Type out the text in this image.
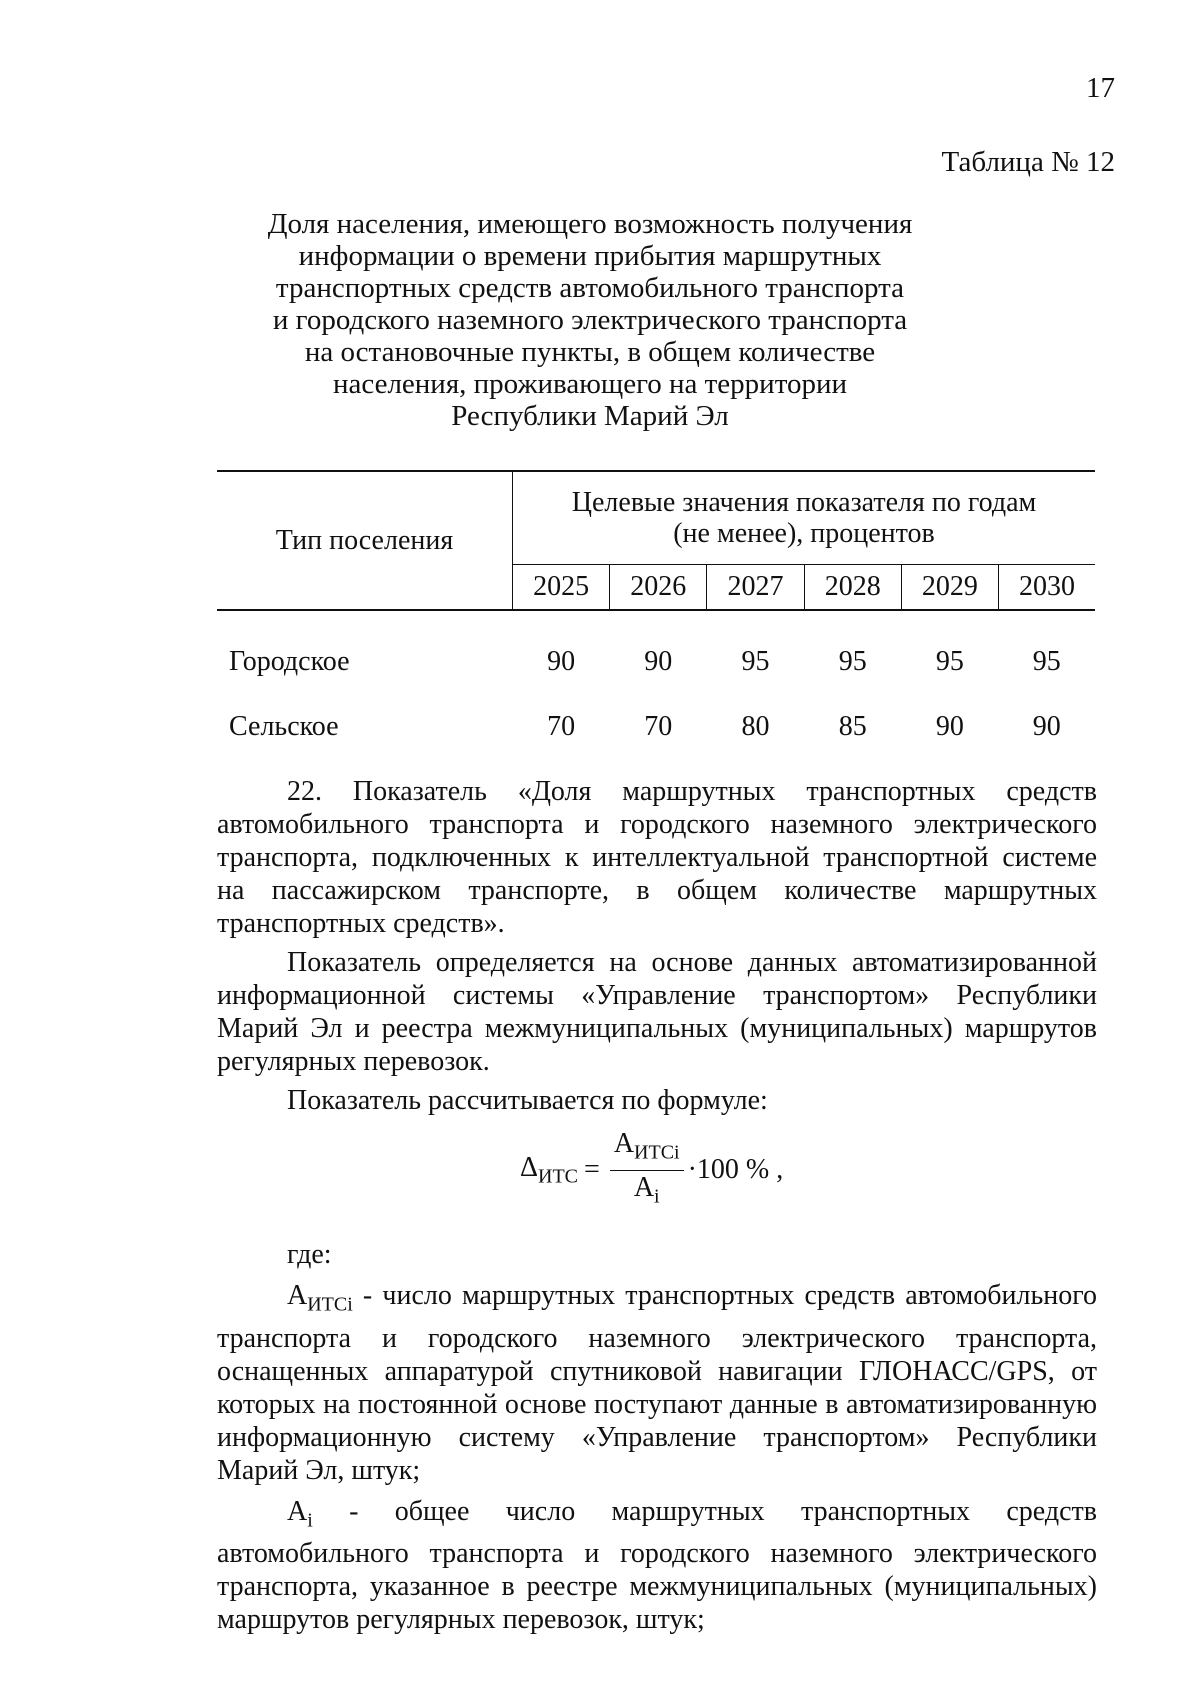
17
Таблица № 12
Доля населения, имеющего возможность получения
информации о времени прибытия маршрутных
транспортных средств автомобильного транспорта
и городского наземного электрического транспорта
на остановочные пункты, в общем количестве
населения, проживающего на территории
Республики Марий Эл
Тип поселения	Целевые значения показателя по годам
(не менее), процентов					

	2025	2026	2027	2028	2029	2030
Городское	90	90	95	95	95	95
Сельское	70	70	80	85	90	90

22. Показатель «Доля маршрутных транспортных средств автомобильного транспорта и городского наземного электрического транспорта, подключенных к интеллектуальной транспортной системе на пассажирском транспорте, в общем количестве маршрутных транспортных средств».

Показатель определяется на основе данных автоматизированной информационной системы «Управление транспортом» Республики Марий Эл и реестра межмуниципальных (муниципальных) маршрутов регулярных перевозок.

Показатель рассчитывается по формуле:

$\Delta_{ИТС} = \frac{А_{ИТСi}}{А_i} \cdot 100$ % ,

где:

$А_{ИТСi}$ - число маршрутных транспортных средств автомобильного транспорта и городского наземного электрического транспорта, оснащенных аппаратурой спутниковой навигации ГЛОНАСС/GPS, от которых на постоянной основе поступают данные в автоматизированную информационную систему «Управление транспортом» Республики Марий Эл, штук;

$А_i$ - общее число маршрутных транспортных средств автомобильного транспорта и городского наземного электрического транспорта, указанное в реестре межмуниципальных (муниципальных) маршрутов регулярных перевозок, штук;
